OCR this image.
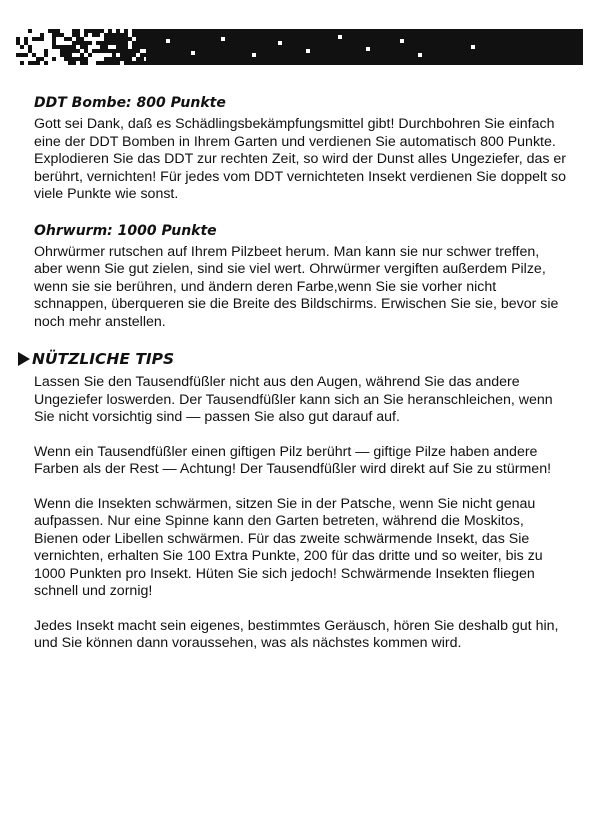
DDT Bombe: 800 Punkte

Gott sei Dank, daß es Schädlingsbekämpfungsmittel gibt! Durchbohren Sie einfach eine der DDT Bomben in Ihrem Garten und verdienen Sie automatisch 800 Punkte. Explodieren Sie das DDT zur rechten Zeit, so wird der Dunst alles Ungeziefer, das er berührt, vernichten! Für jedes vom DDT vernichteten Insekt verdienen Sie doppelt so viele Punkte wie sonst.

Ohrwurm: 1000 Punkte

Ohrwürmer rutschen auf Ihrem Pilzbeet herum. Man kann sie nur schwer treffen, aber wenn Sie gut zielen, sind sie viel wert. Ohrwürmer vergiften außerdem Pilze, wenn sie sie berühren, und ändern deren Farbe,wenn Sie sie vorher nicht schnappen, überqueren sie die Breite des Bildschirms. Erwischen Sie sie, bevor sie noch mehr anstellen.

NÜTZLICHE TIPS

Lassen Sie den Tausendfüßler nicht aus den Augen, während Sie das andere Ungeziefer loswerden. Der Tausendfüßler kann sich an Sie heranschleichen, wenn Sie nicht vorsichtig sind — passen Sie also gut darauf auf.

Wenn ein Tausendfüßler einen giftigen Pilz berührt — giftige Pilze haben andere Farben als der Rest — Achtung! Der Tausendfüßler wird direkt auf Sie zu stürmen!

Wenn die Insekten schwärmen, sitzen Sie in der Patsche, wenn Sie nicht genau aufpassen. Nur eine Spinne kann den Garten betreten, während die Moskitos, Bienen oder Libellen schwärmen. Für das zweite schwärmende Insekt, das Sie vernichten, erhalten Sie 100 Extra Punkte, 200 für das dritte und so weiter, bis zu 1000 Punkten pro Insekt. Hüten Sie sich jedoch! Schwärmende Insekten fliegen schnell und zornig!

Jedes Insekt macht sein eigenes, bestimmtes Geräusch, hören Sie deshalb gut hin, und Sie können dann voraussehen, was als nächstes kommen wird.
